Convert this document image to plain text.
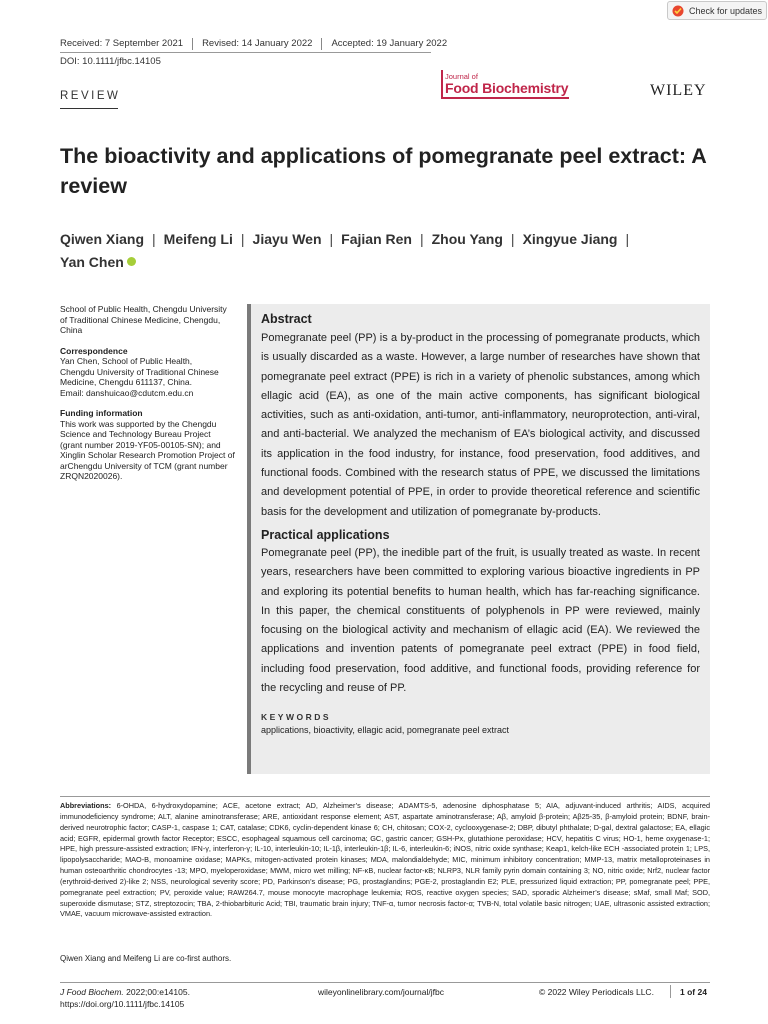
Check for updates
Received: 7 September 2021	Revised: 14 January 2022	Accepted: 19 January 2022
DOI: 10.1111/jfbc.14105
Journal of
Food Biochemistry	WILEY
REVIEW
The bioactivity and applications of pomegranate peel extract: A review
Qiwen Xiang | Meifeng Li | Jiayu Wen | Fajian Ren | Zhou Yang | Xingyue Jiang |
Yan Chen
School of Public Health, Chengdu University of Traditional Chinese Medicine, Chengdu, China
Correspondence
Yan Chen, School of Public Health,
Chengdu University of Traditional Chinese
Medicine, Chengdu 611137, China.
Email: danshuicao@cdutcm.edu.cn
Funding information
This work was supported by the Chengdu Science and Technology Bureau Project (grant number 2019-YF05-00105-SN); and Xinglin Scholar Research Promotion Project of arChengdu University of TCM (grant number ZRQN2020026).
Abstract

Pomegranate peel (PP) is a by-product in the processing of pomegranate products, which is usually discarded as a waste. However, a large number of researches have shown that pomegranate peel extract (PPE) is rich in a variety of phenolic substances, among which ellagic acid (EA), as one of the main active components, has significant biological activities, such as anti-oxidation, anti-tumor, anti-inflammatory, neuroprotection, anti-viral, and anti-bacterial. We analyzed the mechanism of EA’s biological activity, and discussed its application in the food industry, for instance, food preservation, food additives, and functional foods. Combined with the research status of PPE, we discussed the limitations and development potential of PPE, in order to provide theoretical reference and scientific basis for the development and utilization of pomegranate by-products.

Practical applications

Pomegranate peel (PP), the inedible part of the fruit, is usually treated as waste. In recent years, researchers have been committed to exploring various bioactive ingredients in PP and exploring its potential benefits to human health, which has far-reaching significance. In this paper, the chemical constituents of polyphenols in PP were reviewed, mainly focusing on the biological activity and mechanism of ellagic acid (EA). We reviewed the applications and invention patents of pomegranate peel extract (PPE) in food field, including food preservation, food additive, and functional foods, providing reference for the recycling and reuse of PP.

KEYWORDS
applications, bioactivity, ellagic acid, pomegranate peel extract
Abbreviations: 6-OHDA, 6-hydroxydopamine; ACE, acetone extract; AD, Alzheimer’s disease; ADAMTS-5, adenosine diphosphatase 5; AIA, adjuvant-induced arthritis; AIDS, acquired immunodeficiency syndrome; ALT, alanine aminotransferase; ARE, antioxidant response element; AST, aspartate aminotransferase; Aβ, amyloid β-protein; Aβ25-35, β-amyloid protein; BDNF, brain-derived neurotrophic factor; CASP-1, caspase 1; CAT, catalase; CDK6, cyclin-dependent kinase 6; CH, chitosan; COX-2, cyclooxygenase-2; DBP, dibutyl phthalate; D-gal, dextral galactose; EA, ellagic acid; EGFR, epidermal growth factor Receptor; ESCC, esophageal squamous cell carcinoma; GC, gastric cancer; GSH-Px, glutathione peroxidase; HCV, hepatitis C virus; HO-1, heme oxygenase-1; HPE, high pressure-assisted extraction; IFN-γ, interferon-γ; IL-10, interleukin-10; IL-1β, interleukin-1β; IL-6, interleukin-6; iNOS, nitric oxide synthase; Keap1, kelch-like ECH -associated protein 1; LPS, lipopolysaccharide; MAO-B, monoamine oxidase; MAPKs, mitogen-activated protein kinases; MDA, malondialdehyde; MIC, minimum inhibitory concentration; MMP-13, matrix metalloproteinases in human osteoarthritic chondrocytes -13; MPO, myeloperoxidase; MWM, micro wet milling; NF-κB, nuclear factor-κB; NLRP3, NLR family pyrin domain containing 3; NO, nitric oxide; Nrf2, nuclear factor (erythroid-derived 2)-like 2; NSS, neurological severity score; PD, Parkinson’s disease; PG, prostaglandins; PGE-2, prostaglandin E2; PLE, pressurized liquid extraction; PP, pomegranate peel; PPE, pomegranate peel extraction; PV, peroxide value; RAW264.7, mouse monocyte macrophage leukemia; ROS, reactive oxygen species; SAD, sporadic Alzheimer’s disease; sMaf, small Maf; SOD, superoxide dismutase; STZ, streptozocin; TBA, 2-thiobarbituric Acid; TBI, traumatic brain injury; TNF-α, tumor necrosis factor-α; TVB-N, total volatile basic nitrogen; UAE, ultrasonic assisted extraction; VMAE, vacuum microwave-assisted extraction.
Qiwen Xiang and Meifeng Li are co-first authors.
J Food Biochem. 2022;00:e14105.
https://doi.org/10.1111/jfbc.14105
wileyonlinelibrary.com/journal/jfbc	© 2022 Wiley Periodicals LLC.	1 of 24
